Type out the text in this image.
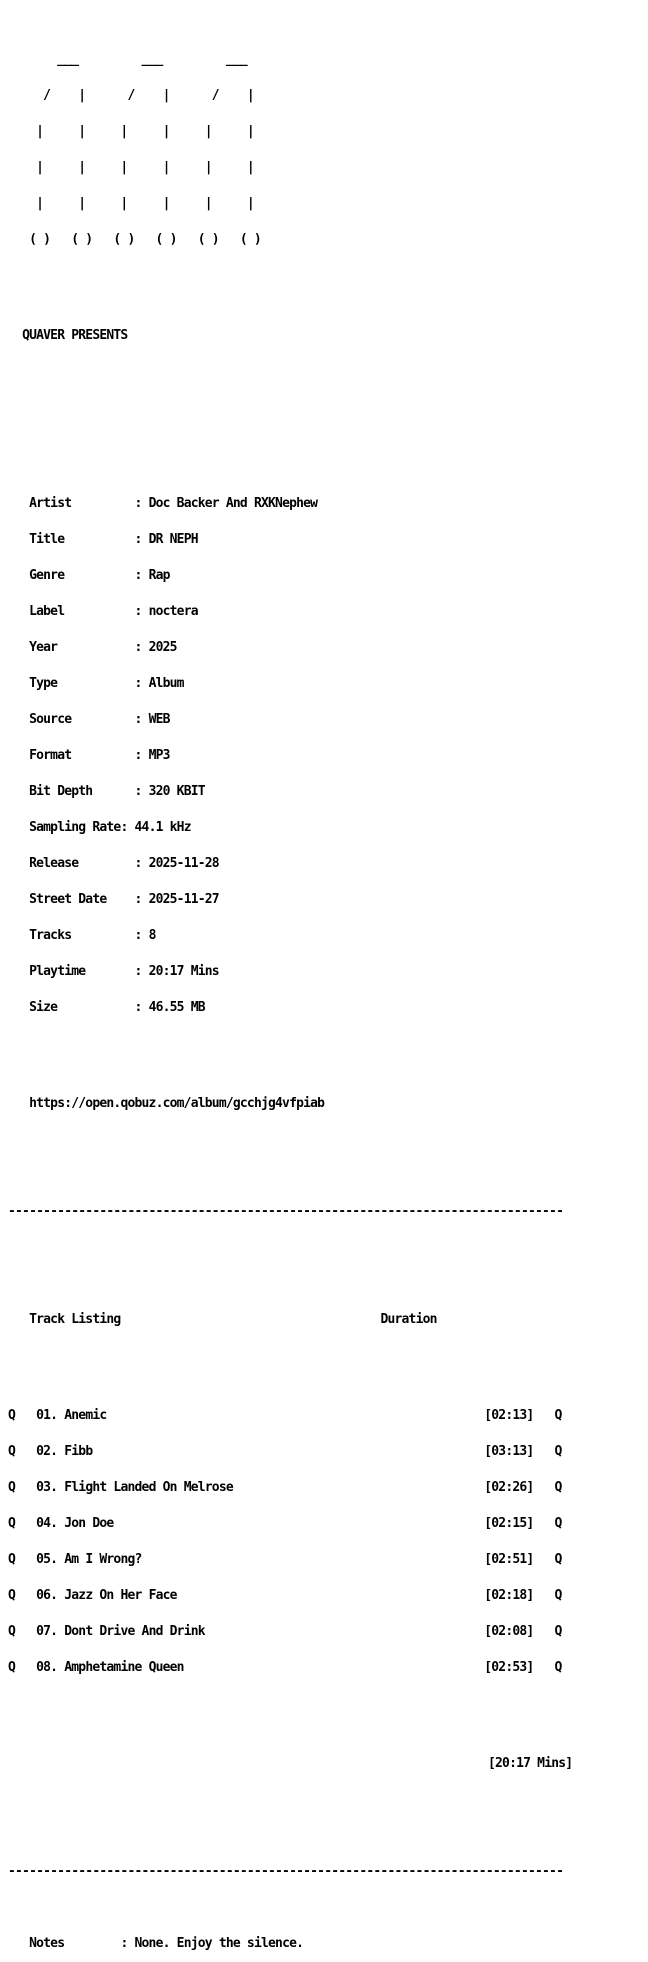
___         ___         ___

/    |      /    |      /    |

|     |     |     |     |     |

|     |     |     |     |     |

|     |     |     |     |     |

( )   ( )   ( )   ( )   ( )   ( )

QUAVER PRESENTS

Artist         : Doc Backer And RXKNephew

Title          : DR NEPH

Genre          : Rap

Label          : noctera

Year           : 2025

Type           : Album

Source         : WEB

Format         : MP3

Bit Depth      : 320 KBIT

Sampling Rate: 44.1 kHz

Release        : 2025-11-28

Street Date    : 2025-11-27

Tracks         : 8

Playtime       : 20:17 Mins

Size           : 46.55 MB

https://open.qobuz.com/album/gcchjg4vfpiab

-------------------------------------------------------------------------------

Track Listing	Duration

Q 01. Anemic	[02:13] Q

Q 02. Fibb	[03:13] Q

Q 03. Flight Landed On Melrose	[02:26] Q

Q 04. Jon Doe	[02:15] Q

Q 05. Am I Wrong?	[02:51] Q

Q 06. Jazz On Her Face	[02:18] Q

Q 07. Dont Drive And Drink	[02:08] Q

Q 08. Amphetamine Queen	[02:53] Q

[20:17 Mins]

-------------------------------------------------------------------------------

Notes	: None. Enjoy the silence.
